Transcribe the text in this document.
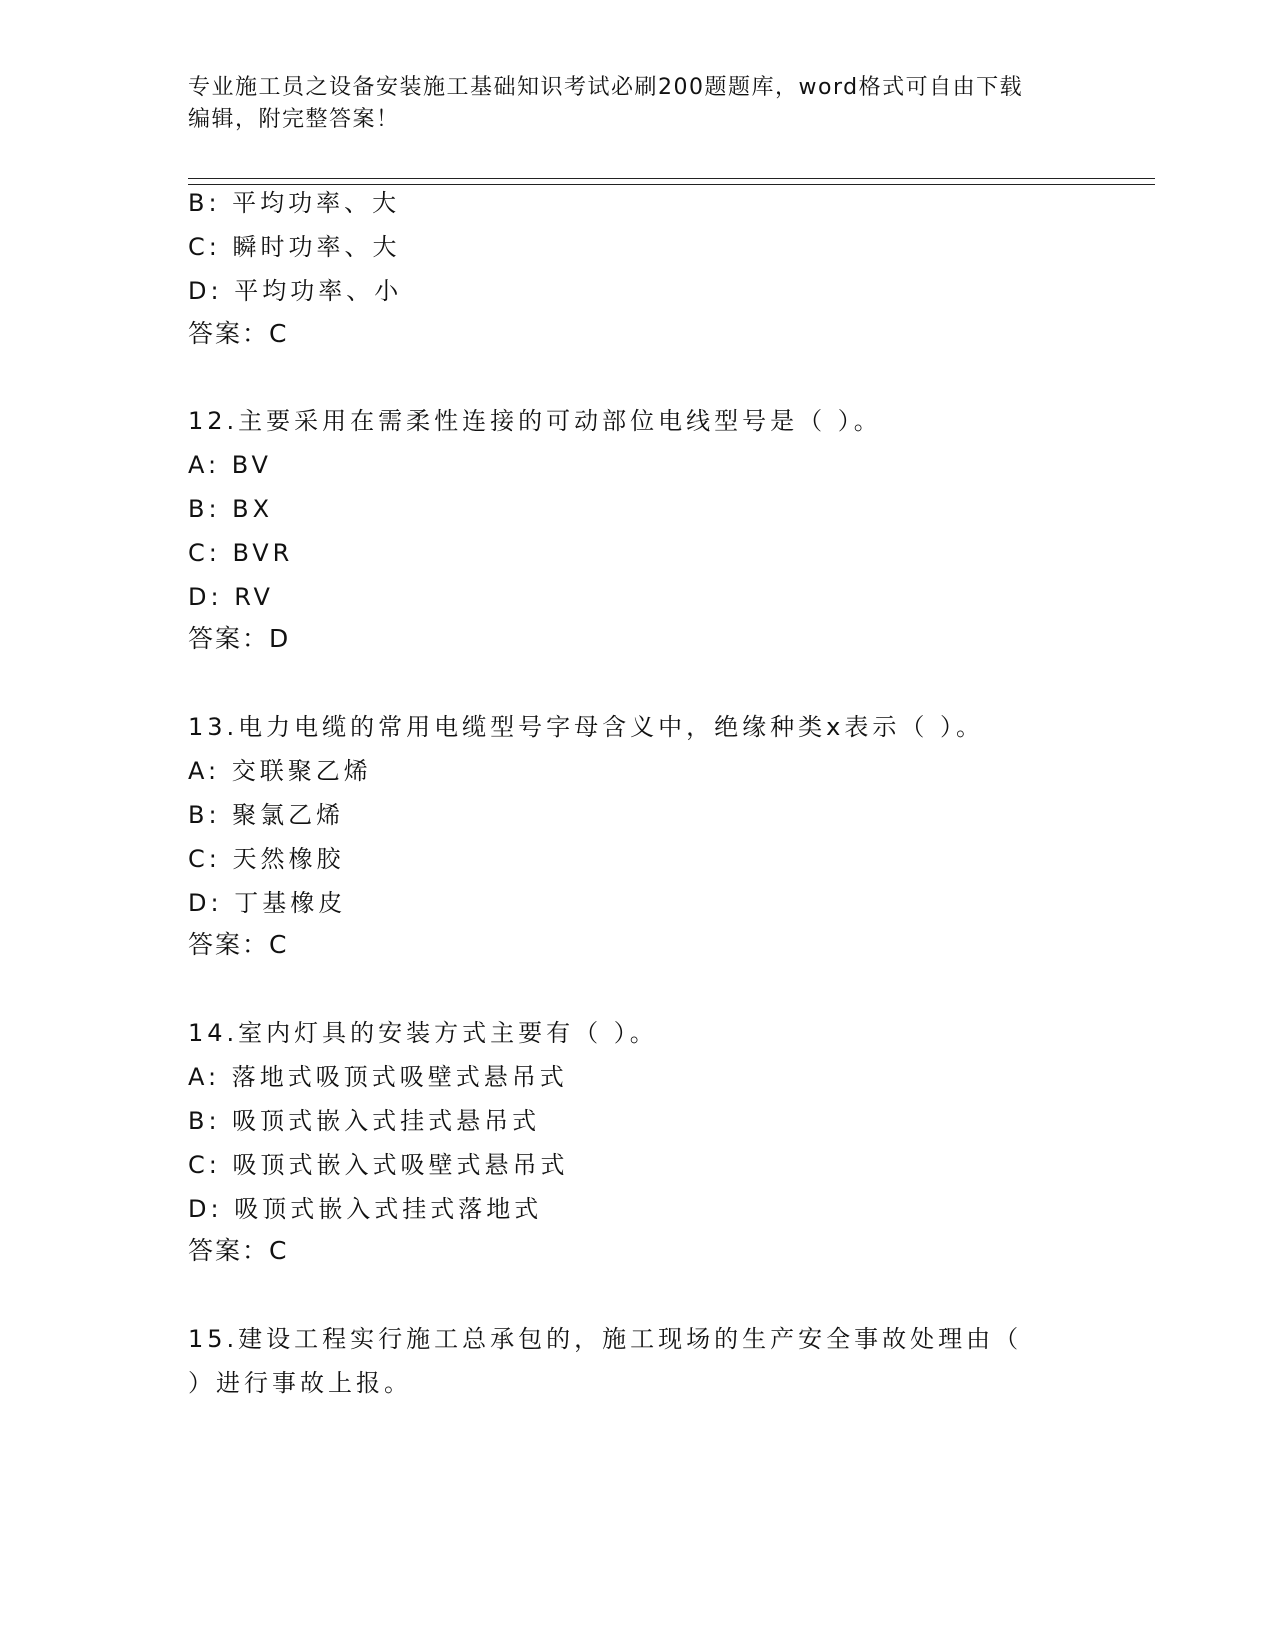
专业施工员之设备安装施工基础知识考试必刷200题题库，word格式可自由下载
编辑，附完整答案！
B: 平均功率、大
C: 瞬时功率、大
D: 平均功率、小
答案：C
12.主要采用在需柔性连接的可动部位电线型号是（ ）。
A: BV
B: BX
C: BVR
D: RV
答案：D
13.电力电缆的常用电缆型号字母含义中，绝缘种类x表示（ ）。
A: 交联聚乙烯
B: 聚氯乙烯
C: 天然橡胶
D: 丁基橡皮
答案：C
14.室内灯具的安装方式主要有（ ）。
A: 落地式吸顶式吸壁式悬吊式
B: 吸顶式嵌入式挂式悬吊式
C: 吸顶式嵌入式吸壁式悬吊式
D: 吸顶式嵌入式挂式落地式
答案：C
15.建设工程实行施工总承包的，施工现场的生产安全事故处理由（
）进行事故上报。
